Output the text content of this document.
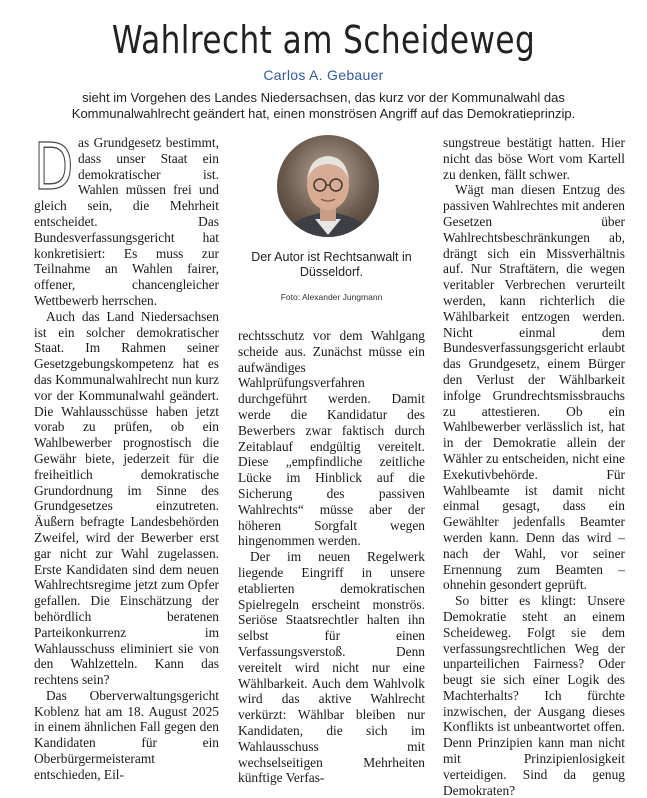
Wahlrecht am Scheideweg
Carlos A. Gebauer
sieht im Vorgehen des Landes Niedersachsen, das kurz vor der Kommunalwahl das Kommunalwahlrecht geändert hat, einen monströsen Angriff auf das Demokratieprinzip.
D as Grundgesetz bestimmt, dass unser Staat ein demokratischer ist. Wahlen müssen frei und gleich sein, die Mehrheit entscheidet. Das Bundesverfassungsgericht hat konkretisiert: Es muss zur Teilnahme an Wahlen fairer, offener, chancengleicher Wettbewerb herrschen.

Auch das Land Niedersachsen ist ein solcher demokratischer Staat. Im Rahmen seiner Gesetzgebungskompetenz hat es das Kommunalwahlrecht nun kurz vor der Kommunalwahl geändert. Die Wahlausschüsse haben jetzt vorab zu prüfen, ob ein Wahlbewerber prognostisch die Gewähr biete, jederzeit für die freiheitlich demokratische Grundordnung im Sinne des Grundgesetzes einzutreten. Äußern befragte Landesbehörden Zweifel, wird der Bewerber erst gar nicht zur Wahl zugelassen. Erste Kandidaten sind dem neuen Wahlrechtsregime jetzt zum Opfer gefallen. Die Einschätzung der behördlich beratenen Parteikonkurrenz im Wahlausschuss eliminiert sie von den Wahlzetteln. Kann das rechtens sein?

Das Oberverwaltungsgericht Koblenz hat am 18. August 2025 in einem ähnlichen Fall gegen den Kandidaten für ein Oberbürgermeisteramt entschieden, Eil-

Der Autor ist Rechtsanwalt in Düsseldorf.
Foto: Alexander Jungmann

rechtsschutz vor dem Wahlgang scheide aus. Zunächst müsse ein aufwändiges Wahlprüfungsverfahren durchgeführt werden. Damit werde die Kandidatur des Bewerbers zwar faktisch durch Zeitablauf endgültig vereitelt. Diese „empfindliche zeitliche Lücke im Hinblick auf die Sicherung des passiven Wahlrechts“ müsse aber der höheren Sorgfalt wegen hingenommen werden.

Der im neuen Regelwerk liegende Eingriff in unsere etablierten demokratischen Spielregeln erscheint monströs. Seriöse Staatsrechtler halten ihn selbst für einen Verfassungsverstoß. Denn vereitelt wird nicht nur eine Wählbarkeit. Auch dem Wahlvolk wird das aktive Wahlrecht verkürzt: Wählbar bleiben nur Kandidaten, die sich im Wahlausschuss mit wechselseitigen Mehrheiten künftige Verfas-

sungstreue bestätigt hatten. Hier nicht das böse Wort vom Kartell zu denken, fällt schwer.

Wägt man diesen Entzug des passiven Wahlrechtes mit anderen Gesetzen über Wahlrechtsbeschränkungen ab, drängt sich ein Missverhältnis auf. Nur Straftätern, die wegen veritabler Verbrechen verurteilt werden, kann richterlich die Wählbarkeit entzogen werden. Nicht einmal dem Bundesverfassungsgericht erlaubt das Grundgesetz, einem Bürger den Verlust der Wählbarkeit infolge Grundrechtsmissbrauchs zu attestieren. Ob ein Wahlbewerber verlässlich ist, hat in der Demokratie allein der Wähler zu entscheiden, nicht eine Exekutivbehörde. Für Wahlbeamte ist damit nicht einmal gesagt, dass ein Gewählter jedenfalls Beamter werden kann. Denn das wird – nach der Wahl, vor seiner Ernennung zum Beamten – ohnehin gesondert geprüft.

So bitter es klingt: Unsere Demokratie steht an einem Scheideweg. Folgt sie dem verfassungsrechtlichen Weg der unparteilichen Fairness? Oder beugt sie sich einer Logik des Machterhalts? Ich fürchte inzwischen, der Ausgang dieses Konflikts ist unbeantwortet offen. Denn Prinzipien kann man nicht mit Prinzipienlosigkeit verteidigen. Sind da genug Demokraten?
